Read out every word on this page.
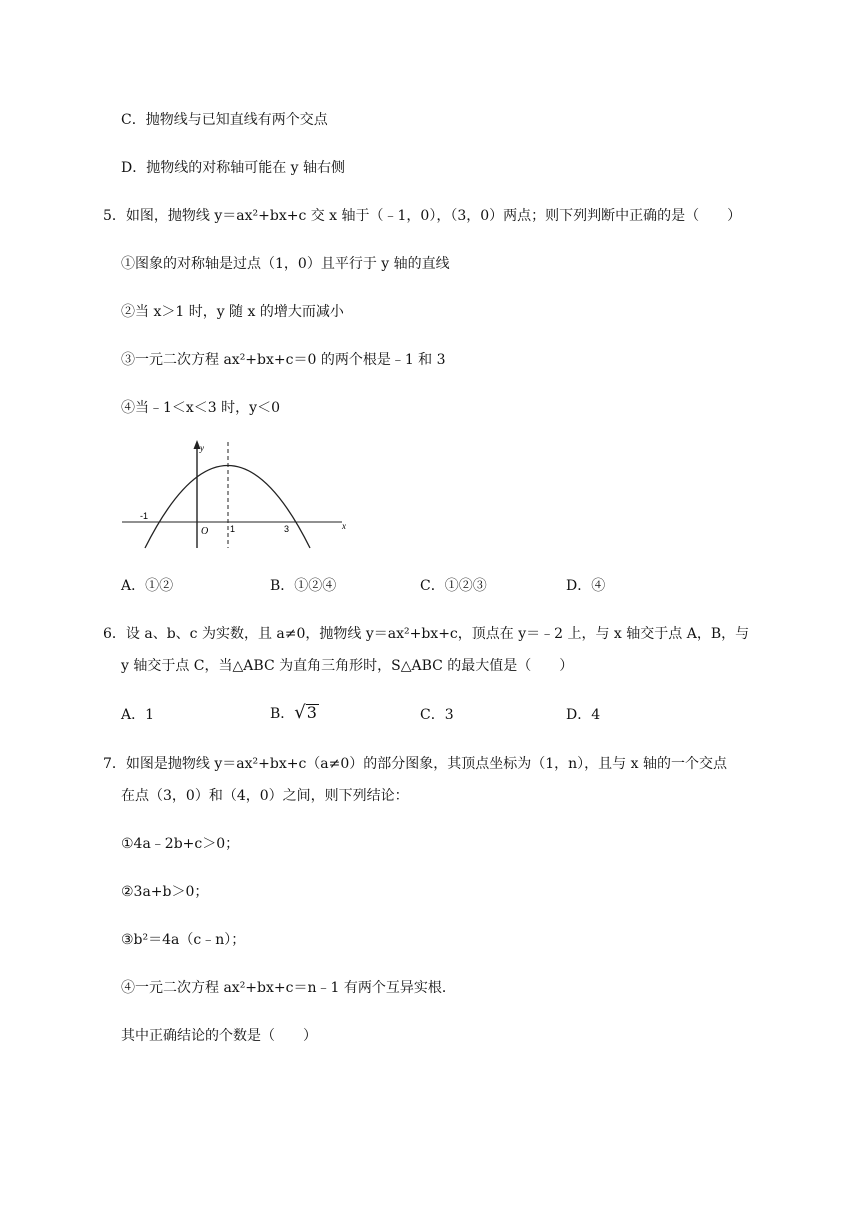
C．抛物线与已知直线有两个交点
D．抛物线的对称轴可能在 y 轴右侧
5．如图，抛物线 y＝ax²+bx+c 交 x 轴于（﹣1，0），（3，0）两点；则下列判断中正确的是（　　）
①图象的对称轴是过点（1，0）且平行于 y 轴的直线
②当 x＞1 时，y 随 x 的增大而减小
③一元二次方程 ax²+bx+c＝0 的两个根是﹣1 和 3
④当﹣1＜x＜3 时，y＜0
y
x
O
-1
1	3
A．①②	B．①②④	C．①②③	D．④
6．设 a、b、c 为实数，且 a≠0，抛物线 y＝ax²+bx+c，顶点在 y＝﹣2 上，与 x 轴交于点 A，B，与
y 轴交于点 C，当△ABC 为直角三角形时，S△ABC 的最大值是（　　）
A．1	B．√3	C．3	D．4
7．如图是抛物线 y＝ax²+bx+c（a≠0）的部分图象，其顶点坐标为（1，n），且与 x 轴的一个交点
在点（3，0）和（4，0）之间，则下列结论：
①4a﹣2b+c＞0；
②3a+b＞0；
③b²＝4a（c﹣n）；
④一元二次方程 ax²+bx+c＝n﹣1 有两个互异实根．
其中正确结论的个数是（　　）
